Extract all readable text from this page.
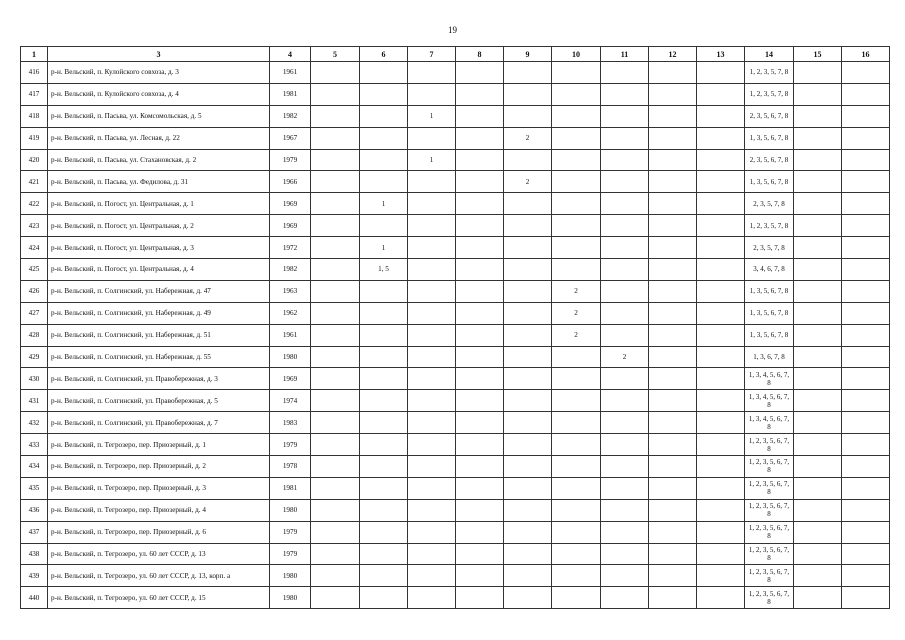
19
1	3	4	5	6	7	8	9	10	11	12	13	14	15	16
416	р-н. Вельский, п. Кулойского совхоза, д. 3	1961										1, 2, 3, 5, 7, 8		
417	р-н. Вельский, п. Кулойского совхоза, д. 4	1981										1, 2, 3, 5, 7, 8		
418	р-н. Вельский, п. Пасьва, ул. Комсомольская, д. 5	1982			1							2, 3, 5, 6, 7, 8		
419	р-н. Вельский, п. Пасьва, ул. Лесная, д. 22	1967					2					1, 3, 5, 6, 7, 8		
420	р-н. Вельский, п. Пасьва, ул. Стахановская, д. 2	1979			1							2, 3, 5, 6, 7, 8		
421	р-н. Вельский, п. Пасьва, ул. Федилова, д. 31	1966					2					1, 3, 5, 6, 7, 8		
422	р-н. Вельский, п. Погост, ул. Центральная, д. 1	1969		1								2, 3, 5, 7, 8		
423	р-н. Вельский, п. Погост, ул. Центральная, д. 2	1969										1, 2, 3, 5, 7, 8		
424	р-н. Вельский, п. Погост, ул. Центральная, д. 3	1972		1								2, 3, 5, 7, 8		
425	р-н. Вельский, п. Погост, ул. Центральная, д. 4	1982		1, 5								3, 4, 6, 7, 8		
426	р-н. Вельский, п. Солгинский, ул. Набережная, д. 47	1963						2				1, 3, 5, 6, 7, 8		
427	р-н. Вельский, п. Солгинский, ул. Набережная, д. 49	1962						2				1, 3, 5, 6, 7, 8		
428	р-н. Вельский, п. Солгинский, ул. Набережная, д. 51	1961						2				1, 3, 5, 6, 7, 8		
429	р-н. Вельский, п. Солгинский, ул. Набережная, д. 55	1980							2			1, 3, 6, 7, 8		
430	р-н. Вельский, п. Солгинский, ул. Правобережная, д. 3	1969										1, 3, 4, 5, 6, 7, 8		
431	р-н. Вельский, п. Солгинский, ул. Правобережная, д. 5	1974										1, 3, 4, 5, 6, 7, 8		
432	р-н. Вельский, п. Солгинский, ул. Правобережная, д. 7	1983										1, 3, 4, 5, 6, 7, 8		
433	р-н. Вельский, п. Тегрозеро, пер. Приозерный, д. 1	1979										1, 2, 3, 5, 6, 7, 8		
434	р-н. Вельский, п. Тегрозеро, пер. Приозерный, д. 2	1978										1, 2, 3, 5, 6, 7, 8		
435	р-н. Вельский, п. Тегрозеро, пер. Приозерный, д. 3	1981										1, 2, 3, 5, 6, 7, 8		
436	р-н. Вельский, п. Тегрозеро, пер. Приозерный, д. 4	1980										1, 2, 3, 5, 6, 7, 8		
437	р-н. Вельский, п. Тегрозеро, пер. Приозерный, д. 6	1979										1, 2, 3, 5, 6, 7, 8		
438	р-н. Вельский, п. Тегрозеро, ул. 60 лет СССР, д. 13	1979										1, 2, 3, 5, 6, 7, 8		
439	р-н. Вельский, п. Тегрозеро, ул. 60 лет СССР, д. 13, корп. а	1980										1, 2, 3, 5, 6, 7, 8		
440	р-н. Вельский, п. Тегрозеро, ул. 60 лет СССР, д. 15	1980										1, 2, 3, 5, 6, 7, 8		
